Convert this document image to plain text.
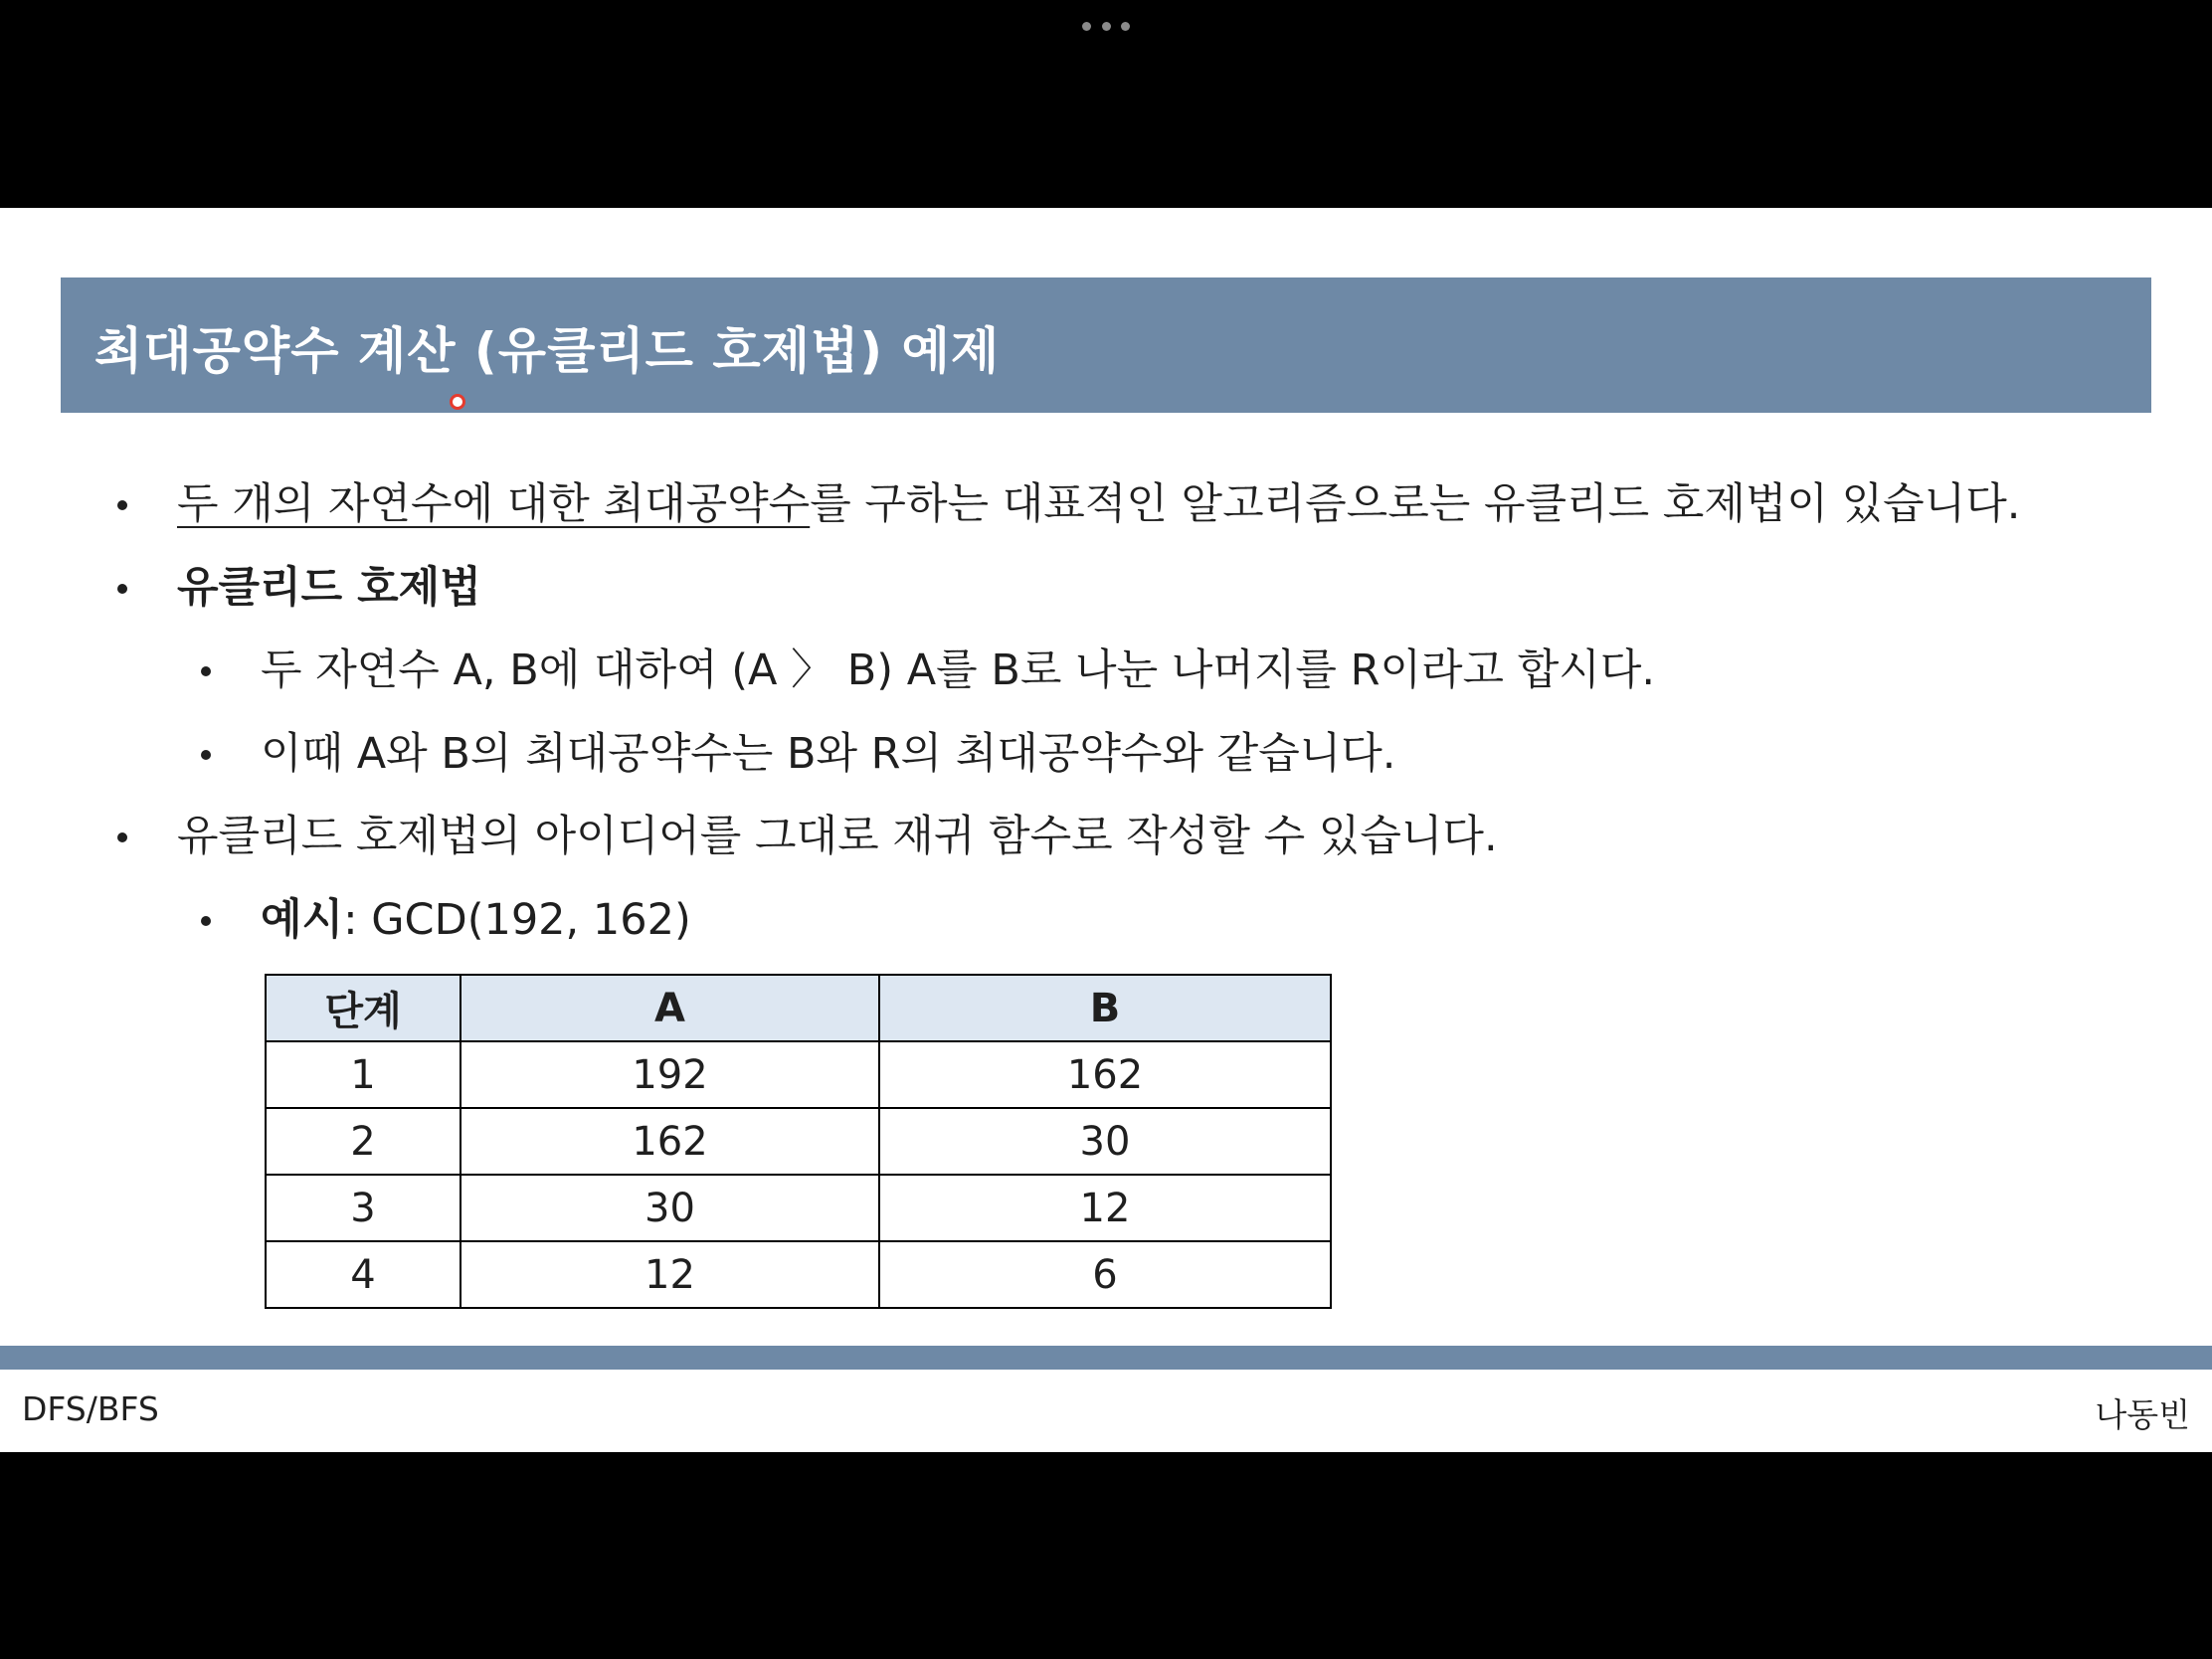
최대공약수 계산 (유클리드 호제법) 예제
두 개의 자연수에 대한 최대공약수를 구하는 대표적인 알고리즘으로는 유클리드 호제법이 있습니다.
유클리드 호제법
두 자연수 A, B에 대하여 (A 〉 B) A를 B로 나눈 나머지를 R이라고 합시다.
이때 A와 B의 최대공약수는 B와 R의 최대공약수와 같습니다.
유클리드 호제법의 아이디어를 그대로 재귀 함수로 작성할 수 있습니다.
예시: GCD(192, 162)
단계	A	B
1	192	162
2	162	30
3	30	12
4	12	6
DFS/BFS	나동빈
